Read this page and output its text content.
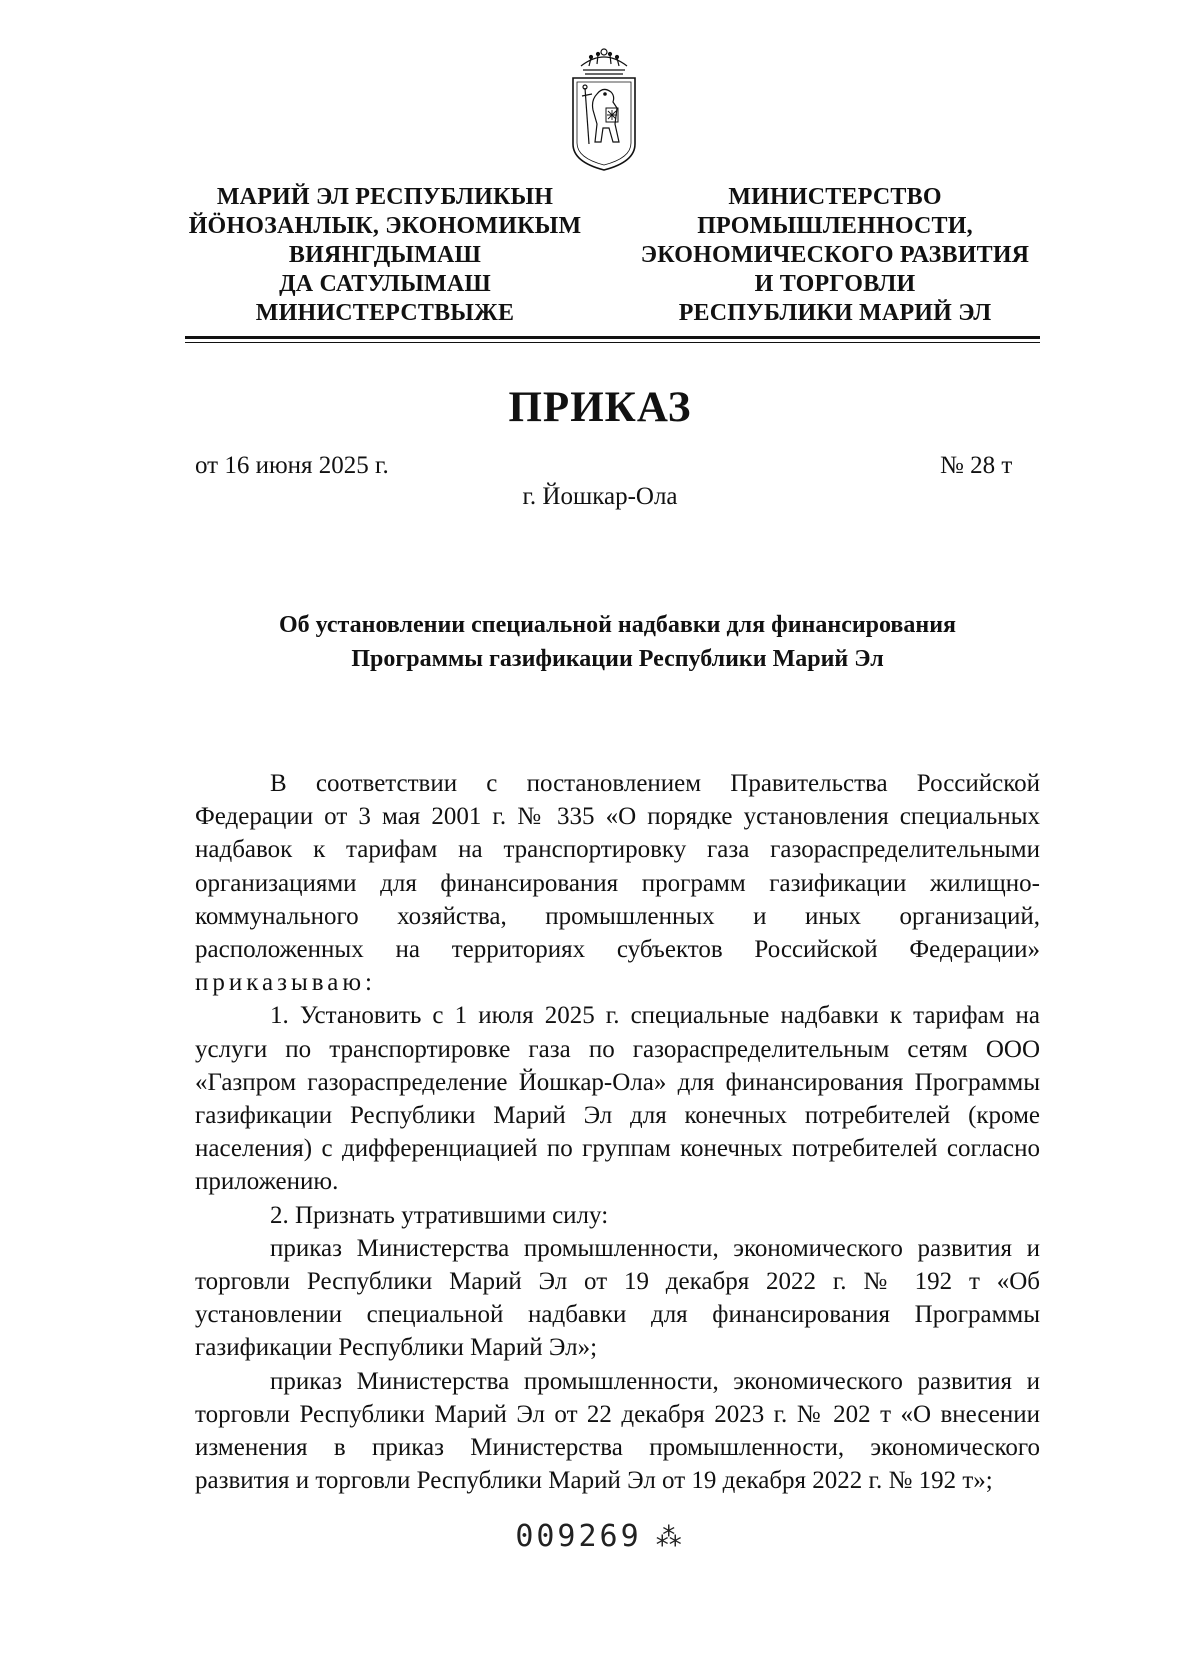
МАРИЙ ЭЛ РЕСПУБЛИКЫН
ЙӦНОЗАНЛЫК, ЭКОНОМИКЫМ
ВИЯНГДЫМАШ
ДА САТУЛЫМАШ
МИНИСТЕРСТВЫЖЕ
МИНИСТЕРСТВО
ПРОМЫШЛЕННОСТИ,
ЭКОНОМИЧЕСКОГО РАЗВИТИЯ
И ТОРГОВЛИ
РЕСПУБЛИКИ МАРИЙ ЭЛ
ПРИКАЗ
от 16 июня 2025 г.	№ 28 т
г. Йошкар-Ола
Об установлении специальной надбавки для финансирования
Программы газификации Республики Марий Эл

В соответствии с постановлением Правительства Российской Федерации от 3 мая 2001 г. № 335 «О порядке установления специальных надбавок к тарифам на транспортировку газа газораспределительными организациями для финансирования программ газификации жилищно-коммунального хозяйства, промышленных и иных организаций, расположенных на территориях субъектов Российской Федерации» приказываю:

1. Установить с 1 июля 2025 г. специальные надбавки к тарифам на услуги по транспортировке газа по газораспределительным сетям ООО «Газпром газораспределение Йошкар-Ола» для финансирования Программы газификации Республики Марий Эл для конечных потребителей (кроме населения) с дифференциацией по группам конечных потребителей согласно приложению.

2. Признать утратившими силу:

приказ Министерства промышленности, экономического развития и торговли Республики Марий Эл от 19 декабря 2022 г. № 192 т «Об установлении специальной надбавки для финансирования Программы газификации Республики Марий Эл»;

приказ Министерства промышленности, экономического развития и торговли Республики Марий Эл от 22 декабря 2023 г. № 202 т «О внесении изменения в приказ Министерства промышленности, экономического развития и торговли Республики Марий Эл от 19 декабря 2022 г. № 192 т»;

009269 ⁂
